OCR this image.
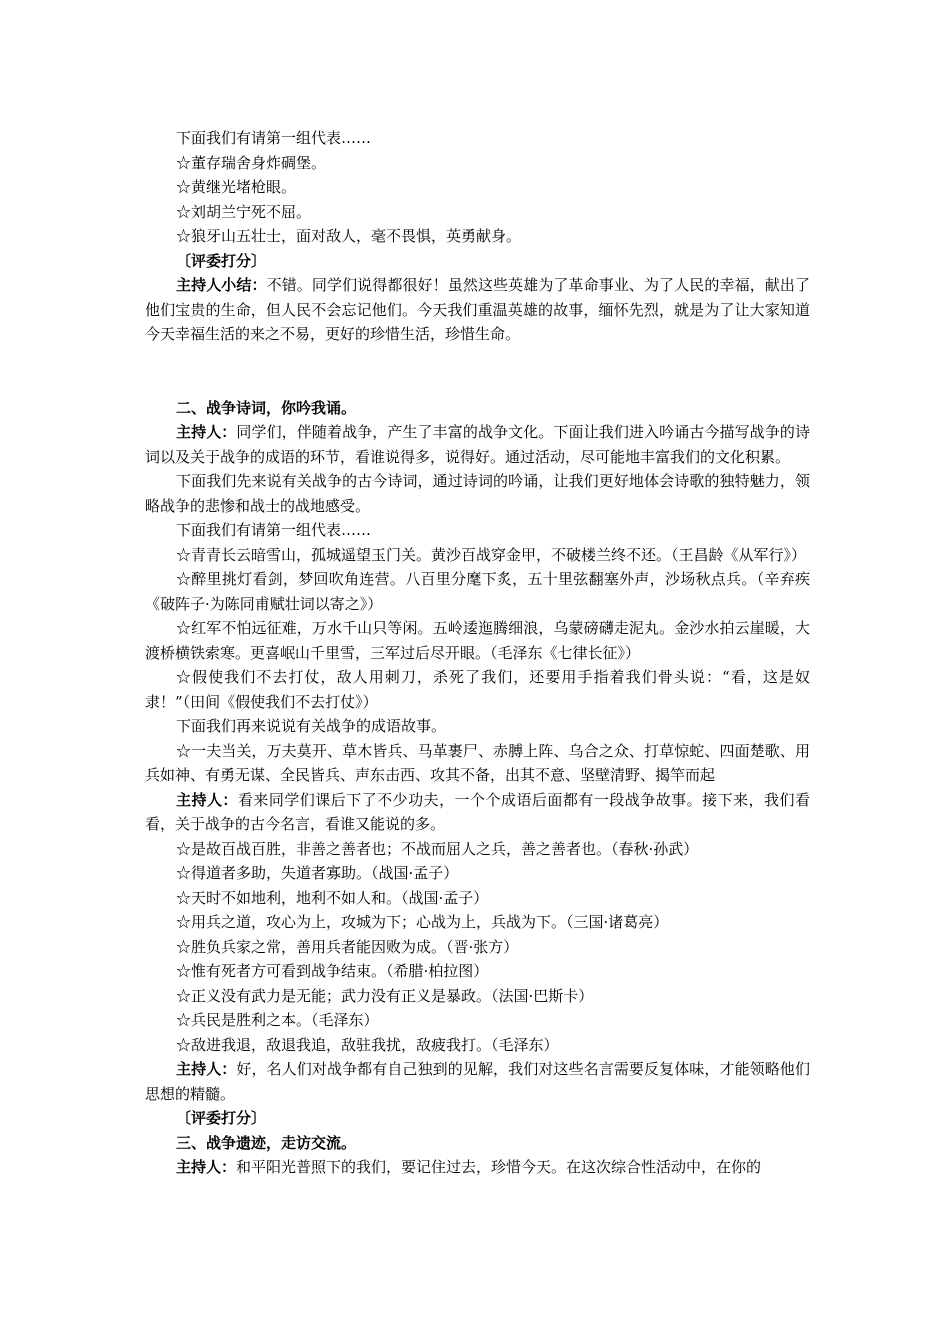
下面我们有请第一组代表……
☆董存瑞舍身炸碉堡。
☆黄继光堵枪眼。
☆刘胡兰宁死不屈。
☆狼牙山五壮士，面对敌人，毫不畏惧，英勇献身。
〔评委打分〕
主持人小结：不错。同学们说得都很好！虽然这些英雄为了革命事业、为了人民的幸福，献出了他们宝贵的生命，但人民不会忘记他们。今天我们重温英雄的故事，缅怀先烈，就是为了让大家知道今天幸福生活的来之不易，更好的珍惜生活，珍惜生命。
二、战争诗词，你吟我诵。
主持人：同学们，伴随着战争，产生了丰富的战争文化。下面让我们进入吟诵古今描写战争的诗词以及关于战争的成语的环节，看谁说得多，说得好。通过活动，尽可能地丰富我们的文化积累。
下面我们先来说有关战争的古今诗词，通过诗词的吟诵，让我们更好地体会诗歌的独特魅力，领略战争的悲惨和战士的战地感受。
下面我们有请第一组代表……
☆青青长云暗雪山，孤城遥望玉门关。黄沙百战穿金甲，不破楼兰终不还。（王昌龄《从军行》）
☆醉里挑灯看剑，梦回吹角连营。八百里分麾下炙，五十里弦翻塞外声，沙场秋点兵。（辛弃疾《破阵子·为陈同甫赋壮词以寄之》）
☆红军不怕远征难，万水千山只等闲。五岭逶迤腾细浪，乌蒙磅礴走泥丸。金沙水拍云崖暖，大渡桥横铁索寒。更喜岷山千里雪，三军过后尽开眼。（毛泽东《七律长征》）
☆假使我们不去打仗，敌人用刺刀，杀死了我们，还要用手指着我们骨头说：“看，这是奴隶！”（田间《假使我们不去打仗》）
下面我们再来说说有关战争的成语故事。
☆一夫当关，万夫莫开、草木皆兵、马革裹尸、赤膊上阵、乌合之众、打草惊蛇、四面楚歌、用兵如神、有勇无谋、全民皆兵、声东击西、攻其不备，出其不意、坚壁清野、揭竿而起
主持人：看来同学们课后下了不少功夫，一个个成语后面都有一段战争故事。接下来，我们看看，关于战争的古今名言，看谁又能说的多。
☆是故百战百胜，非善之善者也；不战而屈人之兵，善之善者也。（春秋·孙武）
☆得道者多助，失道者寡助。（战国·孟子）
☆天时不如地利，地利不如人和。（战国·孟子）
☆用兵之道，攻心为上，攻城为下；心战为上，兵战为下。（三国·诸葛亮）
☆胜负兵家之常，善用兵者能因败为成。（晋·张方）
☆惟有死者方可看到战争结束。（希腊·柏拉图）
☆正义没有武力是无能；武力没有正义是暴政。（法国·巴斯卡）
☆兵民是胜利之本。（毛泽东）
☆敌进我退，敌退我追，敌驻我扰，敌疲我打。（毛泽东）
主持人：好，名人们对战争都有自己独到的见解，我们对这些名言需要反复体味，才能领略他们思想的精髓。
〔评委打分〕
三、战争遗迹，走访交流。
主持人：和平阳光普照下的我们，要记住过去，珍惜今天。在这次综合性活动中，在你的
